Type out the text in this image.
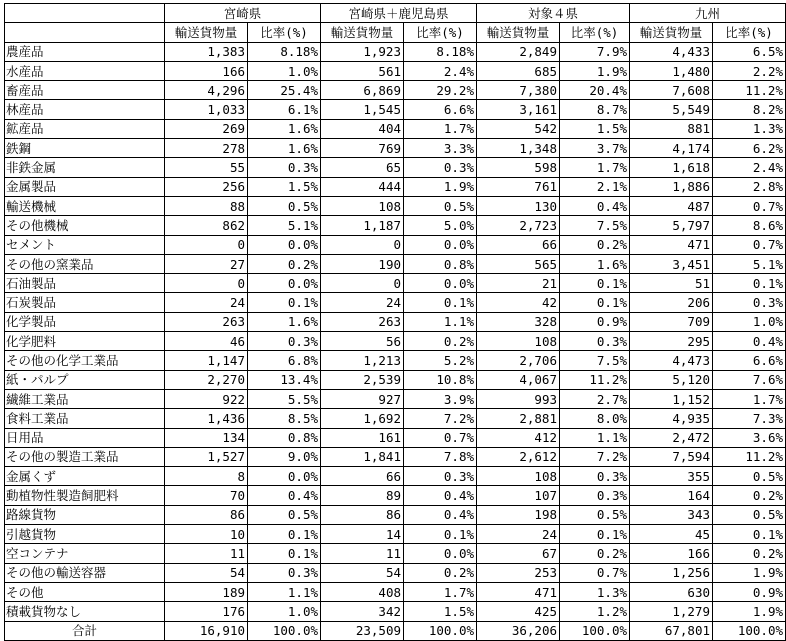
	宮崎県		宮崎県＋鹿児島県		対象４県		九州	
	輸送貨物量	比率(%)	輸送貨物量	比率(%)	輸送貨物量	比率(%)	輸送貨物量	比率(%)
農産品	1,383	8.18%	1,923	8.18%	2,849	7.9%	4,433	6.5%
水産品	166	1.0%	561	2.4%	685	1.9%	1,480	2.2%
畜産品	4,296	25.4%	6,869	29.2%	7,380	20.4%	7,608	11.2%
林産品	1,033	6.1%	1,545	6.6%	3,161	8.7%	5,549	8.2%
鉱産品	269	1.6%	404	1.7%	542	1.5%	881	1.3%
鉄鋼	278	1.6%	769	3.3%	1,348	3.7%	4,174	6.2%
非鉄金属	55	0.3%	65	0.3%	598	1.7%	1,618	2.4%
金属製品	256	1.5%	444	1.9%	761	2.1%	1,886	2.8%
輸送機械	88	0.5%	108	0.5%	130	0.4%	487	0.7%
その他機械	862	5.1%	1,187	5.0%	2,723	7.5%	5,797	8.6%
セメント	0	0.0%	0	0.0%	66	0.2%	471	0.7%
その他の窯業品	27	0.2%	190	0.8%	565	1.6%	3,451	5.1%
石油製品	0	0.0%	0	0.0%	21	0.1%	51	0.1%
石炭製品	24	0.1%	24	0.1%	42	0.1%	206	0.3%
化学製品	263	1.6%	263	1.1%	328	0.9%	709	1.0%
化学肥料	46	0.3%	56	0.2%	108	0.3%	295	0.4%
その他の化学工業品	1,147	6.8%	1,213	5.2%	2,706	7.5%	4,473	6.6%
紙・パルプ	2,270	13.4%	2,539	10.8%	4,067	11.2%	5,120	7.6%
繊維工業品	922	5.5%	927	3.9%	993	2.7%	1,152	1.7%
食料工業品	1,436	8.5%	1,692	7.2%	2,881	8.0%	4,935	7.3%
日用品	134	0.8%	161	0.7%	412	1.1%	2,472	3.6%
その他の製造工業品	1,527	9.0%	1,841	7.8%	2,612	7.2%	7,594	11.2%
金属くず	8	0.0%	66	0.3%	108	0.3%	355	0.5%
動植物性製造飼肥料	70	0.4%	89	0.4%	107	0.3%	164	0.2%
路線貨物	86	0.5%	86	0.4%	198	0.5%	343	0.5%
引越貨物	10	0.1%	14	0.1%	24	0.1%	45	0.1%
空コンテナ	11	0.1%	11	0.0%	67	0.2%	166	0.2%
その他の輸送容器	54	0.3%	54	0.2%	253	0.7%	1,256	1.9%
その他	189	1.1%	408	1.7%	471	1.3%	630	0.9%
積載貨物なし	176	1.0%	342	1.5%	425	1.2%	1,279	1.9%
合計	16,910	100.0%	23,509	100.0%	36,206	100.0%	67,801	100.0%
